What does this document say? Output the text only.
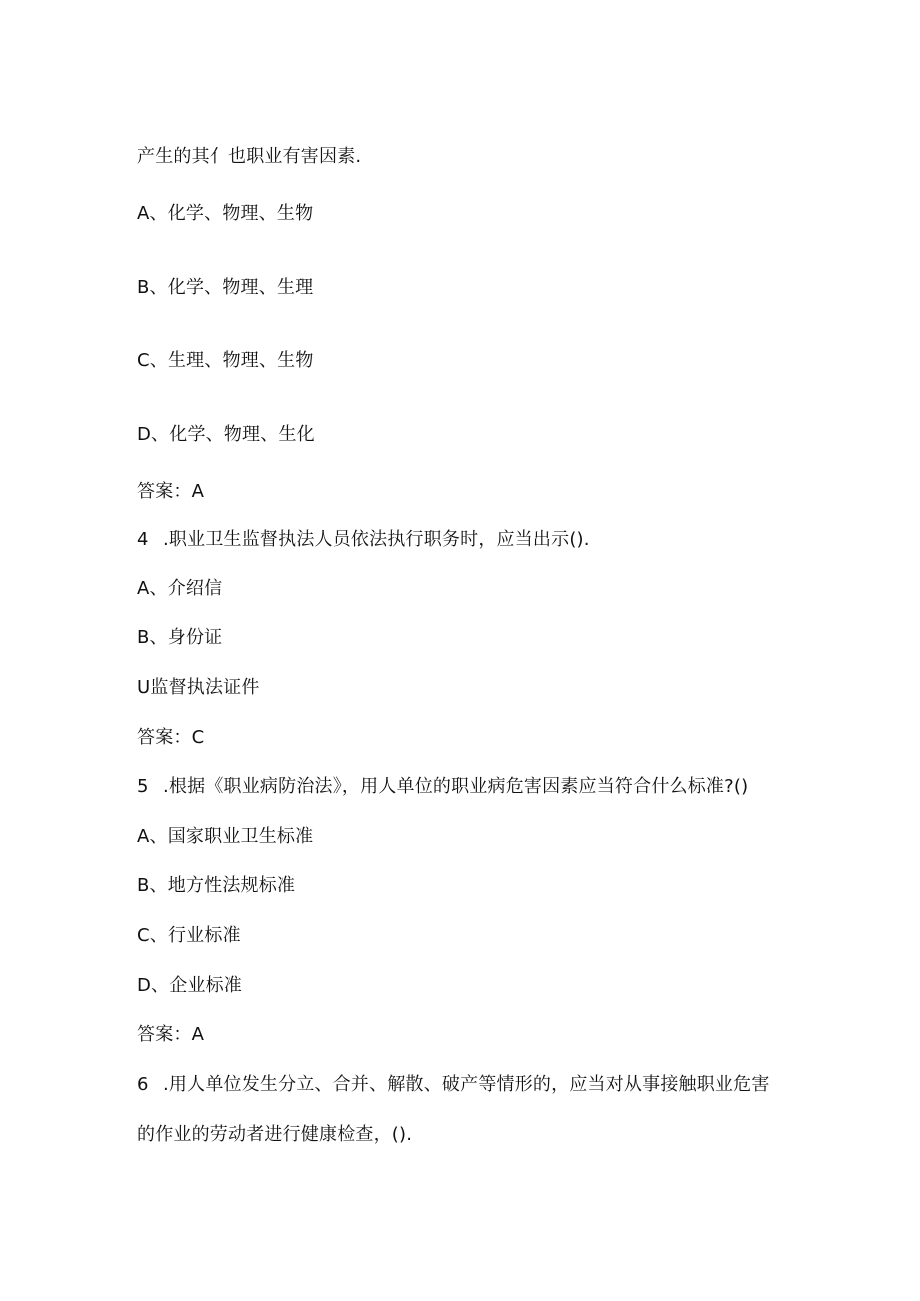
产生的其亻也职业有害因素.
A、化学、物理、生物
B、化学、物理、生理
C、生理、物理、生物
D、化学、物理、生化
答案：A
4 .职业卫生监督执法人员依法执行职务时，应当出示().
A、介绍信
B、身份证
U监督执法证件
答案：C
5 .根据《职业病防治法》，用人单位的职业病危害因素应当符合什么标准?()
A、国家职业卫生标准
B、地方性法规标准
C、行业标准
D、企业标准
答案：A
6 .用人单位发生分立、合并、解散、破产等情形的，应当对从事接触职业危害
的作业的劳动者进行健康检查，().
